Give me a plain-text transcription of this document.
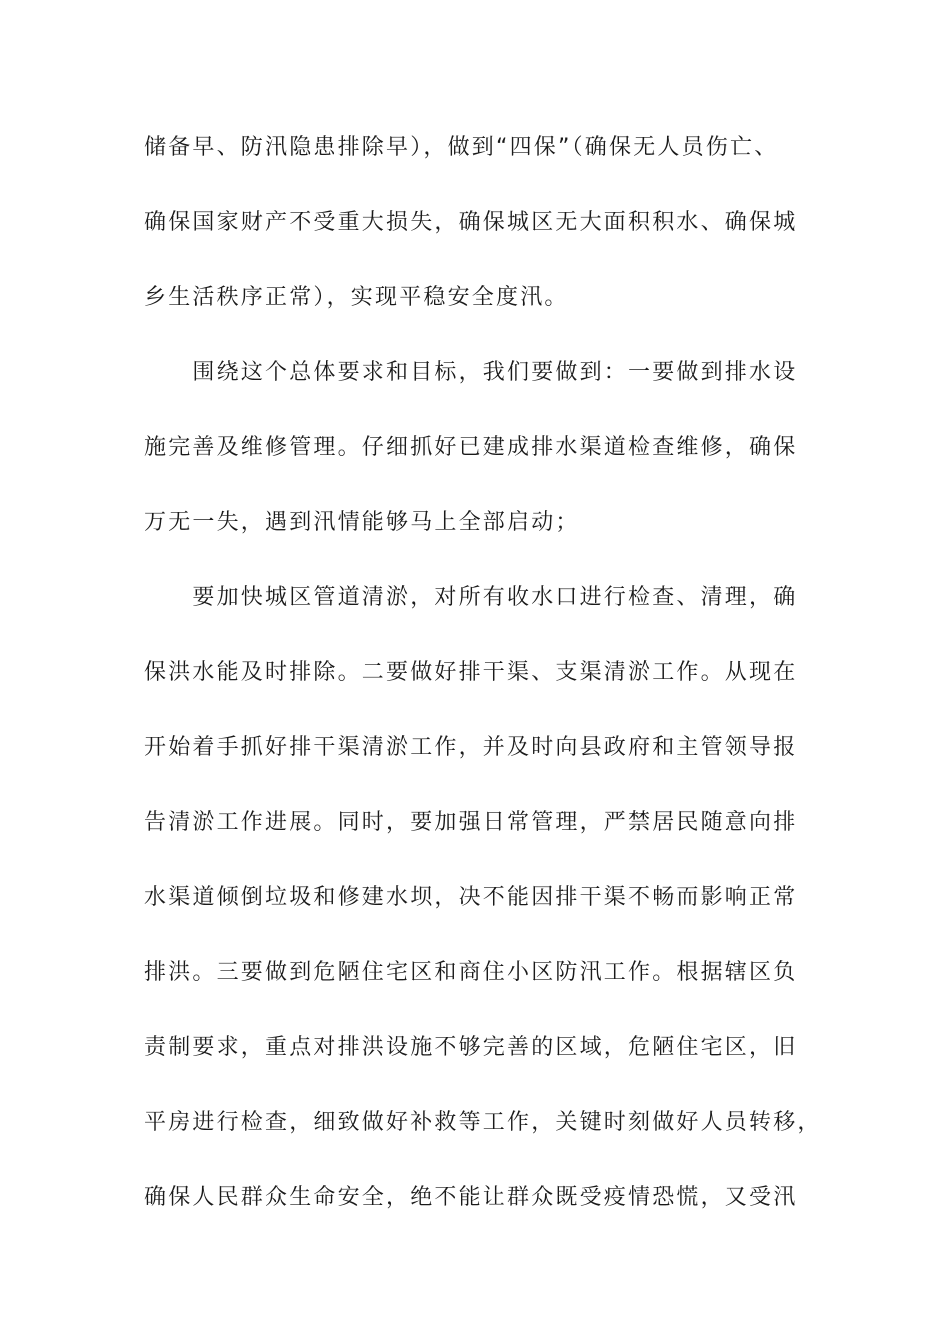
储备早、防汛隐患排除早），做到“四保”（确保无人员伤亡、
确保国家财产不受重大损失，确保城区无大面积积水、确保城
乡生活秩序正常），实现平稳安全度汛。
　　围绕这个总体要求和目标，我们要做到：一要做到排水设
施完善及维修管理。仔细抓好已建成排水渠道检查维修，确保
万无一失，遇到汛情能够马上全部启动；
　　要加快城区管道清淤，对所有收水口进行检查、清理，确
保洪水能及时排除。二要做好排干渠、支渠清淤工作。从现在
开始着手抓好排干渠清淤工作，并及时向县政府和主管领导报
告清淤工作进展。同时，要加强日常管理，严禁居民随意向排
水渠道倾倒垃圾和修建水坝，决不能因排干渠不畅而影响正常
排洪。三要做到危陋住宅区和商住小区防汛工作。根据辖区负
责制要求，重点对排洪设施不够完善的区域，危陋住宅区，旧
平房进行检查，细致做好补救等工作，关键时刻做好人员转移，
确保人民群众生命安全，绝不能让群众既受疫情恐慌，又受汛
